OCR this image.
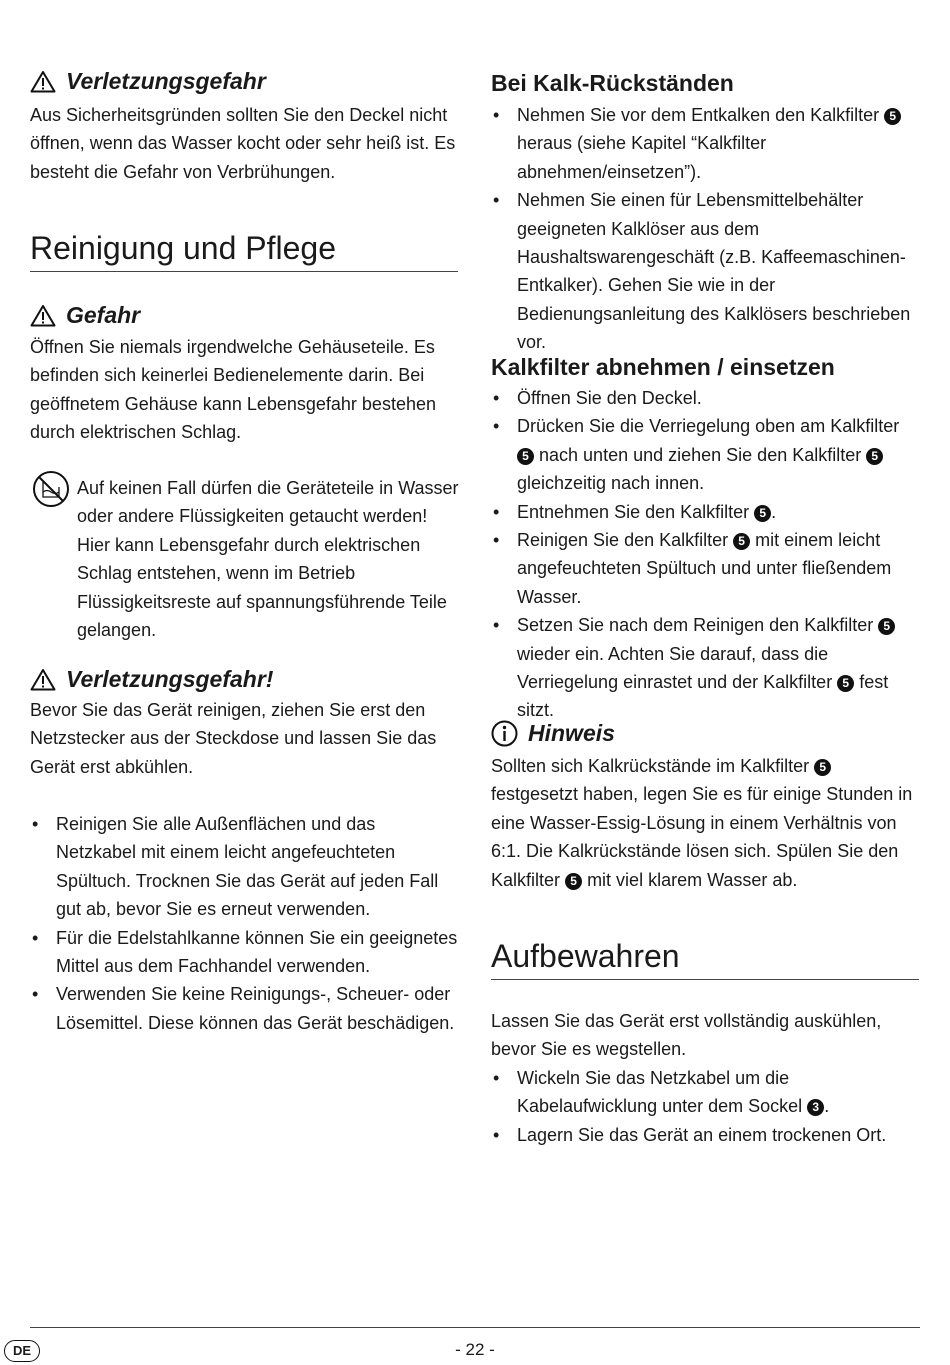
Verletzungsgefahr

Aus Sicherheitsgründen sollten Sie den Deckel nicht öffnen, wenn das Wasser kocht oder sehr heiß ist. Es besteht die Gefahr von Verbrühungen.

Reinigung und Pflege
Gefahr

Öffnen Sie niemals irgendwelche Gehäuseteile. Es befinden sich keinerlei Bedienelemente darin. Bei geöffnetem Gehäuse kann Lebensgefahr bestehen durch elektrischen Schlag.

Auf keinen Fall dürfen die Geräteteile in Wasser oder andere Flüssigkeiten getaucht werden! Hier kann Lebensgefahr durch elektrischen Schlag entstehen, wenn im Betrieb Flüssigkeitsreste auf spannungsführende Teile gelangen.

Verletzungsgefahr!

Bevor Sie das Gerät reinigen, ziehen Sie erst den Netzstecker aus der Steckdose und lassen Sie das Gerät erst abkühlen.

• Reinigen Sie alle Außenflächen und das Netzkabel mit einem leicht angefeuchteten Spültuch. Trocknen Sie das Gerät auf jeden Fall gut ab, bevor Sie es erneut verwenden.
• Für die Edelstahlkanne können Sie ein geeignetes Mittel aus dem Fachhandel verwenden.
• Verwenden Sie keine Reinigungs-, Scheuer- oder Lösemittel. Diese können das Gerät beschädigen.
Bei Kalk-Rückständen
• Nehmen Sie vor dem Entkalken den Kalkfilter 5 heraus (siehe Kapitel “Kalkfilter abnehmen/einsetzen”).
• Nehmen Sie einen für Lebensmittelbehälter geeigneten Kalklöser aus dem Haushaltswarengeschäft (z.B. Kaffeemaschinen-Entkalker). Gehen Sie wie in der Bedienungsanleitung des Kalklösers beschrieben vor.
Kalkfilter abnehmen / einsetzen
• Öffnen Sie den Deckel.
• Drücken Sie die Verriegelung oben am Kalkfilter 5 nach unten und ziehen Sie den Kalkfilter 5 gleichzeitig nach innen.
• Entnehmen Sie den Kalkfilter 5 .
• Reinigen Sie den Kalkfilter 5 mit einem leicht angefeuchteten Spültuch und unter fließendem Wasser.
• Setzen Sie nach dem Reinigen den Kalkfilter 5 wieder ein. Achten Sie darauf, dass die Verriegelung einrastet und der Kalkfilter 5 fest sitzt.
Hinweis

Sollten sich Kalkrückstände im Kalkfilter 5 festgesetzt haben, legen Sie es für einige Stunden in eine Wasser-Essig-Lösung in einem Verhältnis von 6:1. Die Kalkrückstände lösen sich. Spülen Sie den Kalkfilter 5 mit viel klarem Wasser ab.

Aufbewahren

Lassen Sie das Gerät erst vollständig auskühlen, bevor Sie es wegstellen.

• Wickeln Sie das Netzkabel um die Kabelaufwicklung unter dem Sockel 3 .
• Lagern Sie das Gerät an einem trockenen Ort.
DE	- 22 -
